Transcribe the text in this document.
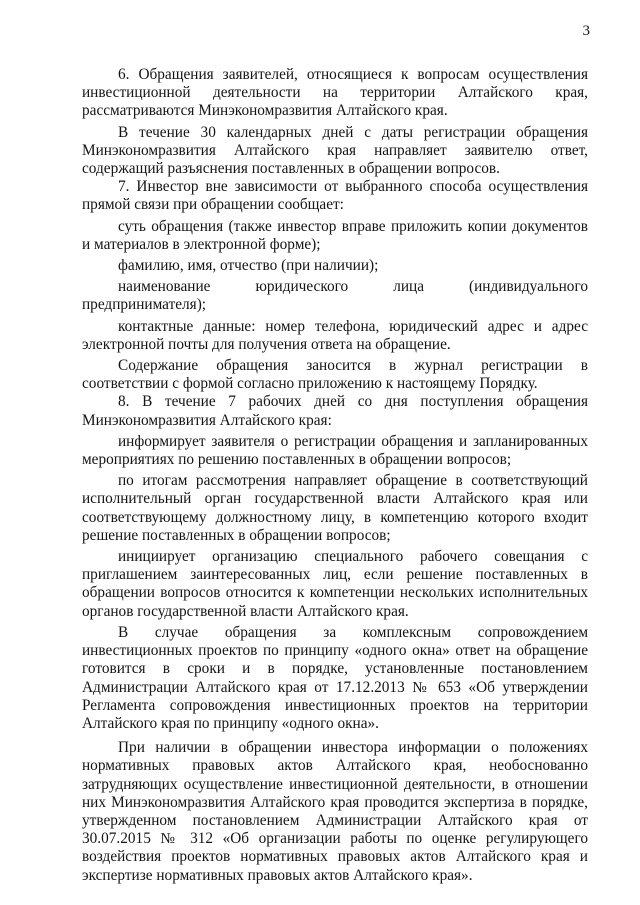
3

6. Обращения заявителей, относящиеся к вопросам осуществления инвестиционной деятельности на территории Алтайского края, рассматриваются Минэкономразвития Алтайского края.

В течение 30 календарных дней с даты регистрации обращения Минэкономразвития Алтайского края направляет заявителю ответ, содержащий разъяснения поставленных в обращении вопросов.

7. Инвестор вне зависимости от выбранного способа осуществления прямой связи при обращении сообщает:

суть обращения (также инвестор вправе приложить копии документов и материалов в электронной форме);

фамилию, имя, отчество (при наличии);

наименование юридического лица (индивидуального предпринимателя);

контактные данные: номер телефона, юридический адрес и адрес электронной почты для получения ответа на обращение.

Содержание обращения заносится в журнал регистрации в соответствии с формой согласно приложению к настоящему Порядку.

8. В течение 7 рабочих дней со дня поступления обращения Минэкономразвития Алтайского края:

информирует заявителя о регистрации обращения и запланированных мероприятиях по решению поставленных в обращении вопросов;

по итогам рассмотрения направляет обращение в соответствующий исполнительный орган государственной власти Алтайского края или соответствующему должностному лицу, в компетенцию которого входит решение поставленных в обращении вопросов;

инициирует организацию специального рабочего совещания с приглашением заинтересованных лиц, если решение поставленных в обращении вопросов относится к компетенции нескольких исполнительных органов государственной власти Алтайского края.

В случае обращения за комплексным сопровождением инвестиционных проектов по принципу «одного окна» ответ на обращение готовится в сроки и в порядке, установленные постановлением Администрации Алтайского края от 17.12.2013 № 653 «Об утверждении Регламента сопровождения инвестиционных проектов на территории Алтайского края по принципу «одного окна».

При наличии в обращении инвестора информации о положениях нормативных правовых актов Алтайского края, необоснованно затрудняющих осуществление инвестиционной деятельности, в отношении них Минэкономразвития Алтайского края проводится экспертиза в порядке, утвержденном постановлением Администрации Алтайского края от 30.07.2015 № 312 «Об организации работы по оценке регулирующего воздействия проектов нормативных правовых актов Алтайского края и экспертизе нормативных правовых актов Алтайского края».
